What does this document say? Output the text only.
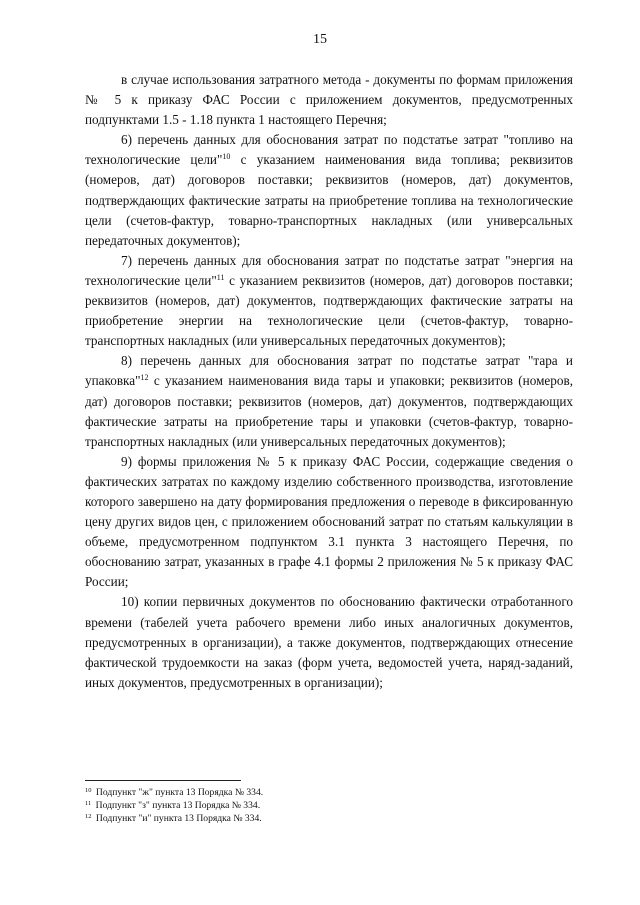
15

в случае использования затратного метода - документы по формам приложения № 5 к приказу ФАС России с приложением документов, предусмотренных подпунктами 1.5 - 1.18 пункта 1 настоящего Перечня;

6) перечень данных для обоснования затрат по подстатье затрат "топливо на технологические цели"$^{10}$ с указанием наименования вида топлива; реквизитов (номеров, дат) договоров поставки; реквизитов (номеров, дат) документов, подтверждающих фактические затраты на приобретение топлива на технологические цели (счетов-фактур, товарно-транспортных накладных (или универсальных передаточных документов);

7) перечень данных для обоснования затрат по подстатье затрат "энергия на технологические цели"$^{11}$ с указанием реквизитов (номеров, дат) договоров поставки; реквизитов (номеров, дат) документов, подтверждающих фактические затраты на приобретение энергии на технологические цели (счетов-фактур, товарно-транспортных накладных (или универсальных передаточных документов);

8) перечень данных для обоснования затрат по подстатье затрат "тара и упаковка"$^{12}$ с указанием наименования вида тары и упаковки; реквизитов (номеров, дат) договоров поставки; реквизитов (номеров, дат) документов, подтверждающих фактические затраты на приобретение тары и упаковки (счетов-фактур, товарно-транспортных накладных (или универсальных передаточных документов);

9) формы приложения № 5 к приказу ФАС России, содержащие сведения о фактических затратах по каждому изделию собственного производства, изготовление которого завершено на дату формирования предложения о переводе в фиксированную цену других видов цен, с приложением обоснований затрат по статьям калькуляции в объеме, предусмотренном подпунктом 3.1 пункта 3 настоящего Перечня, по обоснованию затрат, указанных в графе 4.1 формы 2 приложения № 5 к приказу ФАС России;

10) копии первичных документов по обоснованию фактически отработанного времени (табелей учета рабочего времени либо иных аналогичных документов, предусмотренных в организации), а также документов, подтверждающих отнесение фактической трудоемкости на заказ (форм учета, ведомостей учета, наряд-заданий, иных документов, предусмотренных в организации);

$^{10}$ Подпункт "ж" пункта 13 Порядка № 334.
$^{11}$ Подпункт "з" пункта 13 Порядка № 334.
$^{12}$ Подпункт "и" пункта 13 Порядка № 334.
